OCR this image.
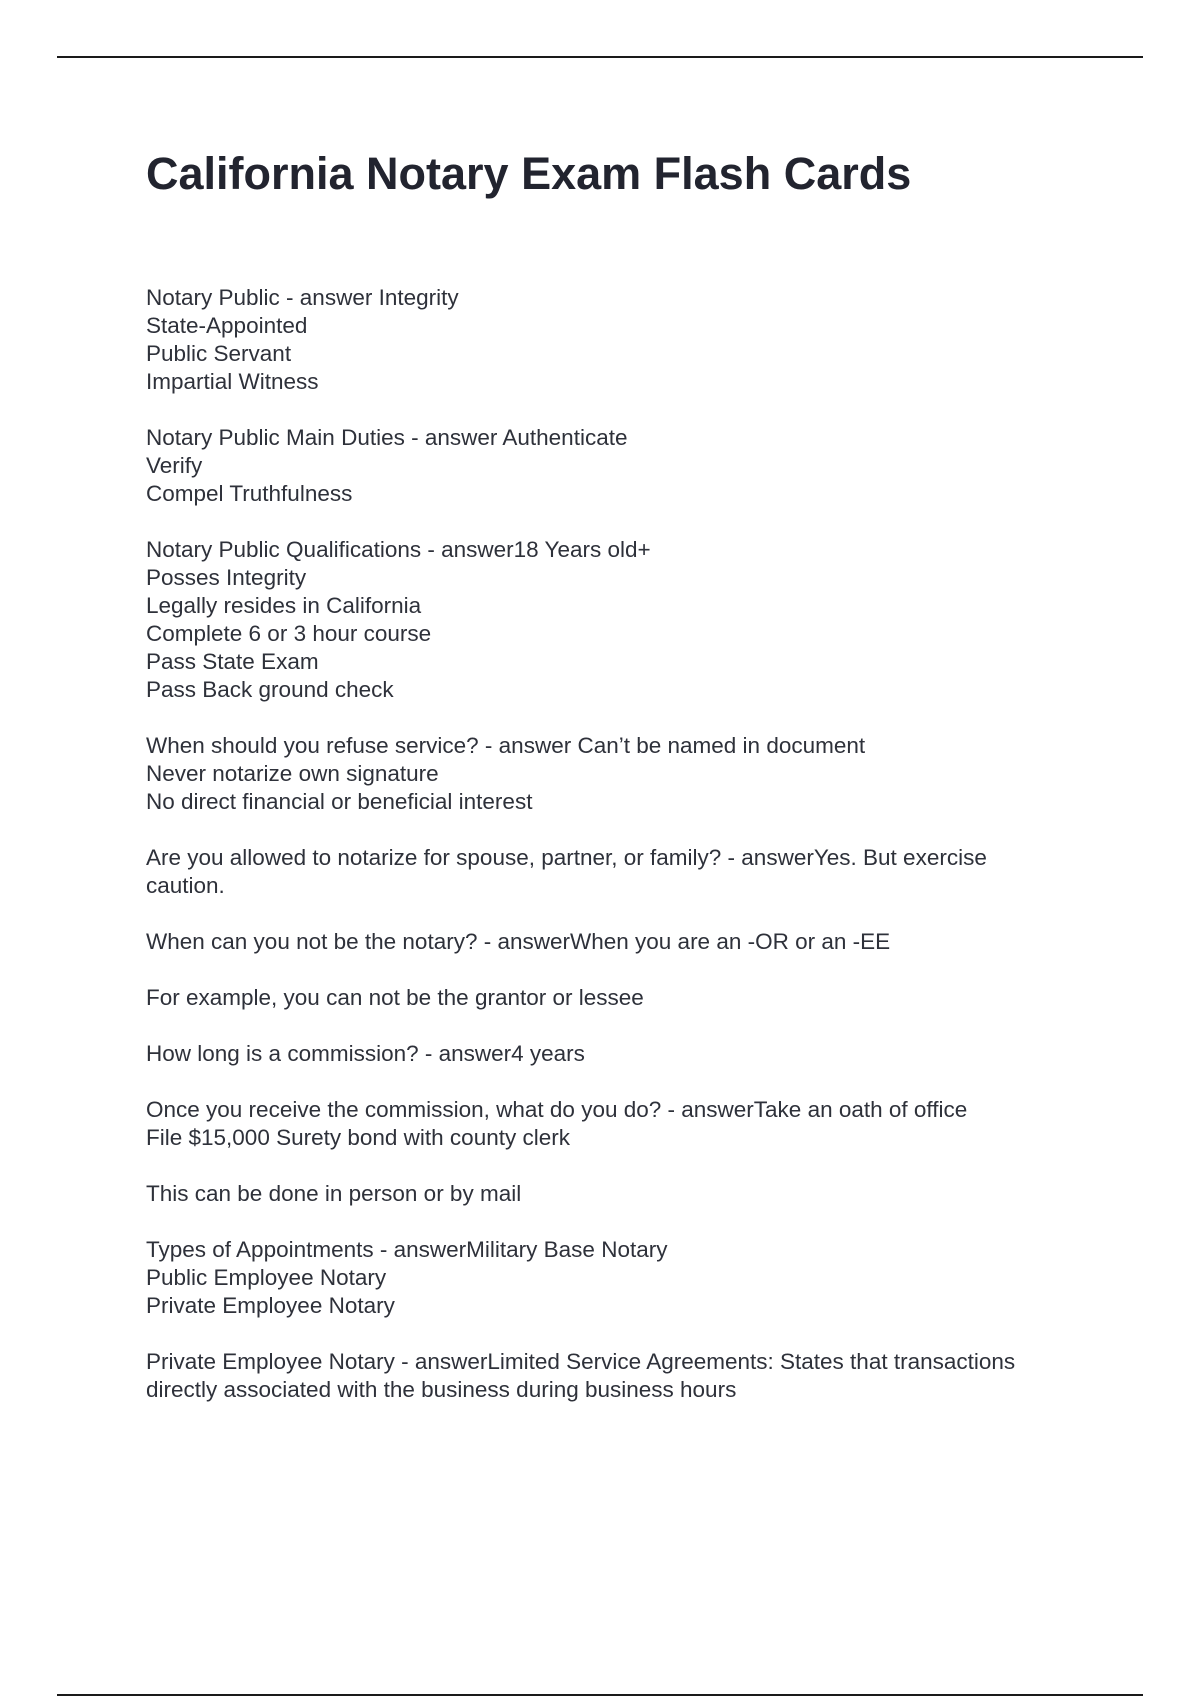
California Notary Exam Flash Cards
Notary Public - answer Integrity
State-Appointed
Public Servant
Impartial Witness
Notary Public Main Duties - answer Authenticate
Verify
Compel Truthfulness
Notary Public Qualifications - answer18 Years old+
Posses Integrity
Legally resides in California
Complete 6 or 3 hour course
Pass State Exam
Pass Back ground check
When should you refuse service? - answer Can’t be named in document
Never notarize own signature
No direct financial or beneficial interest
Are you allowed to notarize for spouse, partner, or family? - answerYes. But exercise
caution.
When can you not be the notary? - answerWhen you are an -OR or an -EE
For example, you can not be the grantor or lessee
How long is a commission? - answer4 years
Once you receive the commission, what do you do? - answerTake an oath of office
File $15,000 Surety bond with county clerk
This can be done in person or by mail
Types of Appointments - answerMilitary Base Notary
Public Employee Notary
Private Employee Notary
Private Employee Notary - answerLimited Service Agreements: States that transactions
directly associated with the business during business hours
